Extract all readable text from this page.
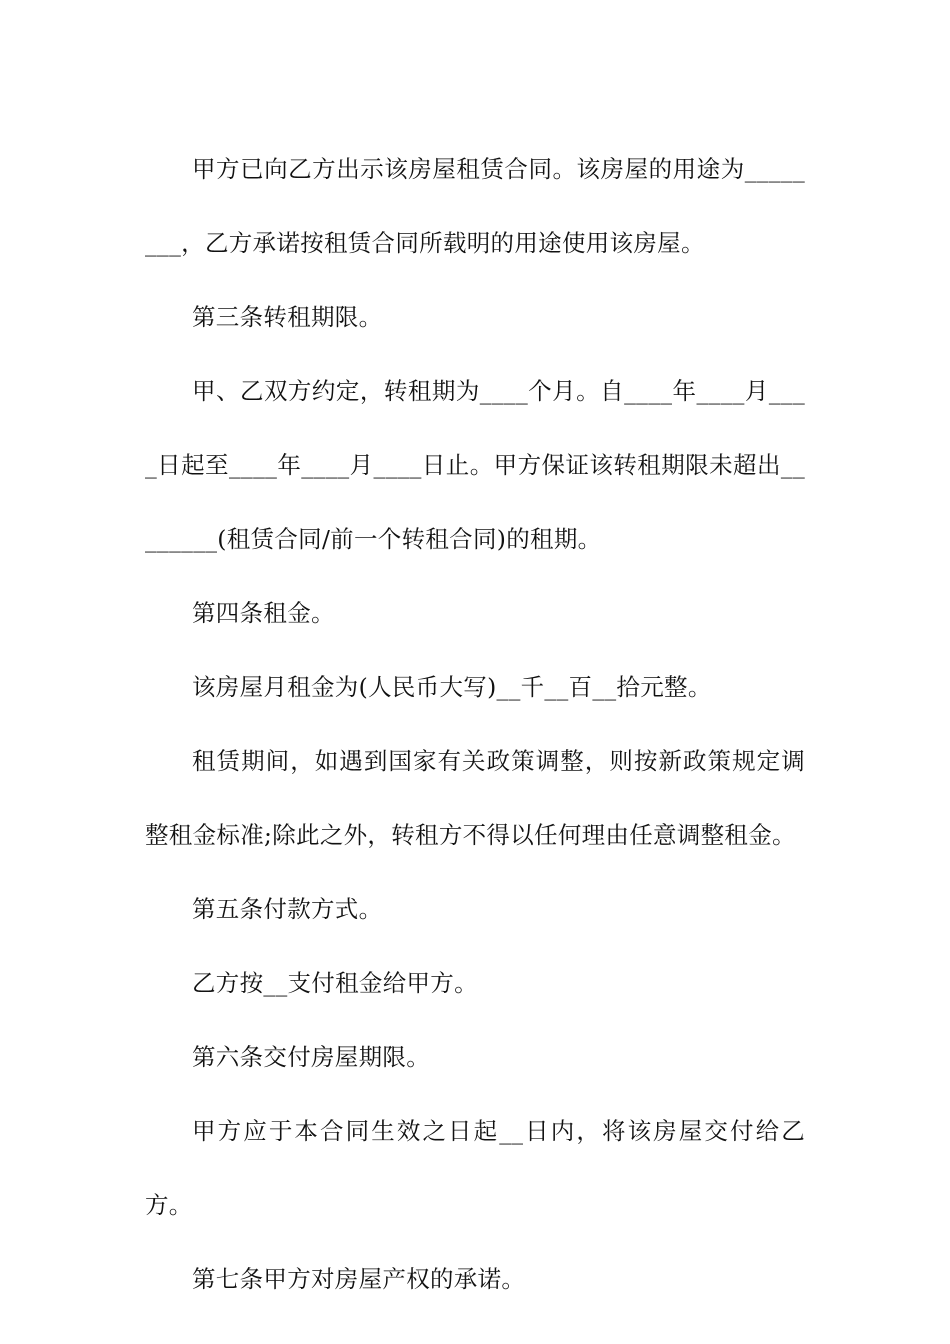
甲方已向乙方出示该房屋租赁合同。该房屋的用途为________，乙方承诺按租赁合同所载明的用途使用该房屋。

第三条转租期限。

甲、乙双方约定，转租期为____个月。自____年____月____日起至____年____月____日止。甲方保证该转租期限未超出________(租赁合同/前一个转租合同)的租期。

第四条租金。

该房屋月租金为(人民币大写)__千__百__拾元整。

租赁期间，如遇到国家有关政策调整，则按新政策规定调整租金标准;除此之外，转租方不得以任何理由任意调整租金。

第五条付款方式。

乙方按__支付租金给甲方。

第六条交付房屋期限。

甲方应于本合同生效之日起__日内，将该房屋交付给乙方。

第七条甲方对房屋产权的承诺。
